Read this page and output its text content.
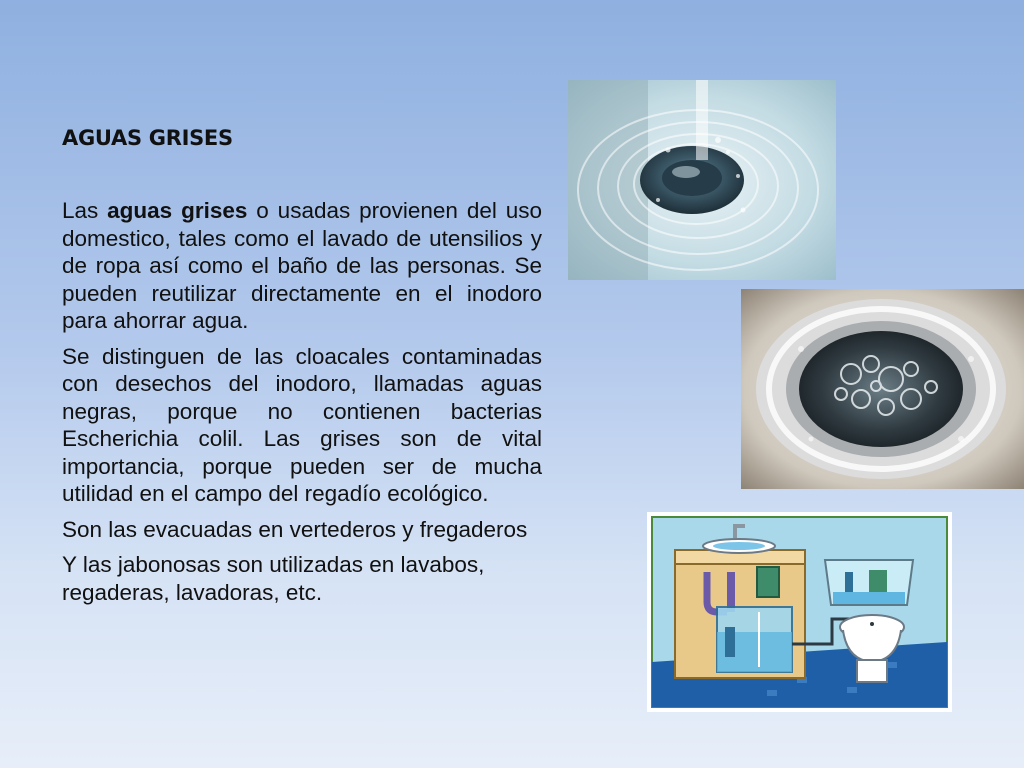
AGUAS GRISES

Las aguas grises o usadas provienen del uso domestico, tales como el lavado de utensilios y de ropa así como el baño de las personas. Se pueden reutilizar directamente en el inodoro para ahorrar agua.

Se distinguen de las cloacales contaminadas con desechos del inodoro, llamadas aguas negras, porque no contienen bacterias Escherichia colil. Las grises son de vital importancia, porque pueden ser de mucha utilidad en el campo del regadío ecológico.

Son las evacuadas en vertederos y fregaderos

Y las jabonosas son utilizadas en lavabos, regaderas, lavadoras, etc.
